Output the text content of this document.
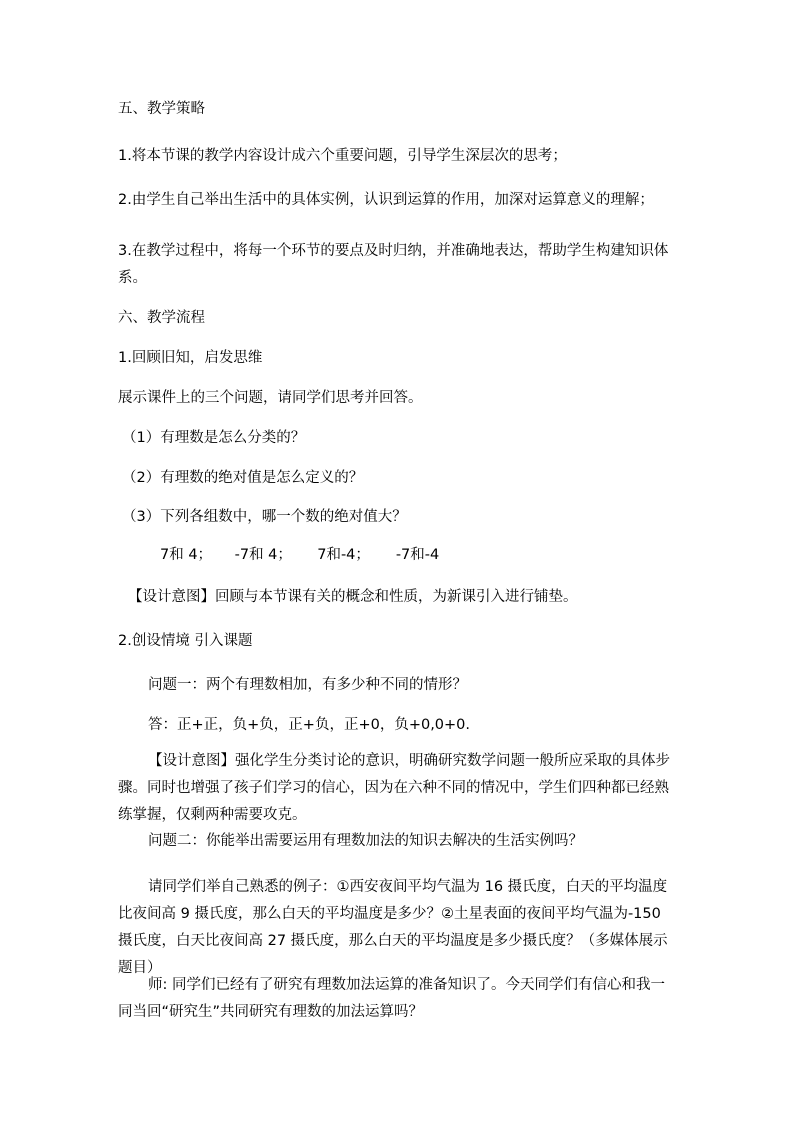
五、教学策略

1.将本节课的教学内容设计成六个重要问题，引导学生深层次的思考；

2.由学生自己举出生活中的具体实例，认识到运算的作用，加深对运算意义的理解；

3.在教学过程中，将每一个环节的要点及时归纳，并准确地表达，帮助学生构建知识体系。

六、教学流程

1.回顾旧知，启发思维

展示课件上的三个问题，请同学们思考并回答。

（1）有理数是怎么分类的？

（2）有理数的绝对值是怎么定义的？

（3）下列各组数中，哪一个数的绝对值大？

7和 4； -7和 4； 7和-4； -7和-4

【设计意图】回顾与本节课有关的概念和性质，为新课引入进行铺垫。

2.创设情境 引入课题

问题一：两个有理数相加，有多少种不同的情形？

答：正+正，负+负，正+负，正+0，负+0,0+0.

【设计意图】强化学生分类讨论的意识，明确研究数学问题一般所应采取的具体步骤。同时也增强了孩子们学习的信心，因为在六种不同的情况中，学生们四种都已经熟练掌握，仅剩两种需要攻克。

问题二：你能举出需要运用有理数加法的知识去解决的生活实例吗？

请同学们举自己熟悉的例子：①西安夜间平均气温为 16 摄氏度，白天的平均温度比夜间高 9 摄氏度，那么白天的平均温度是多少？②土星表面的夜间平均气温为-150 摄氏度，白天比夜间高 27 摄氏度，那么白天的平均温度是多少摄氏度？（多媒体展示题目）

师: 同学们已经有了研究有理数加法运算的准备知识了。今天同学们有信心和我一同当回“研究生”共同研究有理数的加法运算吗？
